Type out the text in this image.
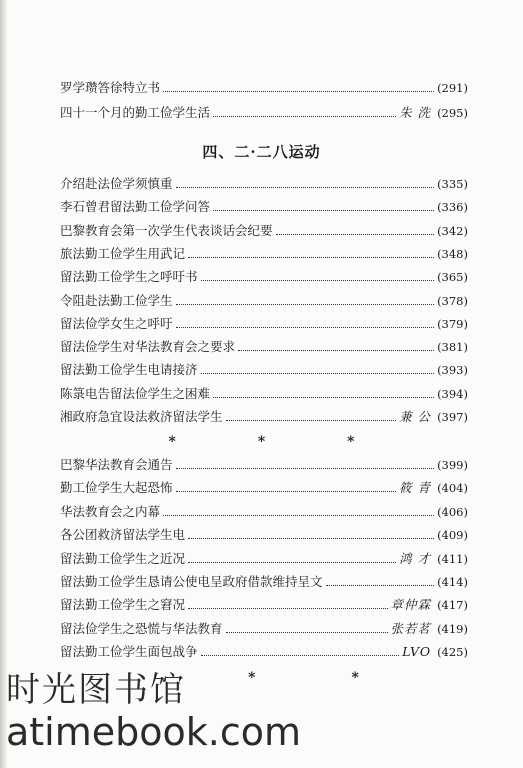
罗学瓒答徐特立书	(291)
四十一个月的勤工俭学生活	朱 洗 (295)
四、二·二八运动
介绍赴法俭学须慎重	(335)
李石曾君留法勤工俭学问答	(336)
巴黎教育会第一次学生代表谈话会纪要	(342)
旅法勤工俭学生用武记	(348)
留法勤工俭学生之呼吁书	(365)
令阻赴法勤工俭学生	(378)
留法俭学女生之呼吁	(379)
留法俭学生对华法教育会之要求	(381)
留法勤工俭学生电请接济	(393)
陈箓电告留法俭学生之困难	(394)
湘政府急宜设法救济留法学生	兼 公 (397)
*	*	*
巴黎华法教育会通告	(399)
勤工俭学生大起恐怖	筱 青 (404)
华法教育会之内幕	(406)
各公团救济留法学生电	(409)
留法勤工俭学生之近况	鸿 才 (411)
留法勤工俭学生恳请公使电呈政府借款维持呈文	(414)
留法勤工俭学生之窘况	章仲霖 (417)
留法俭学生之恐慌与华法教育	张若茗 (419)
留法勤工俭学生面包战争	LVO (425)
*	*
时光图书馆
atimebook.com
